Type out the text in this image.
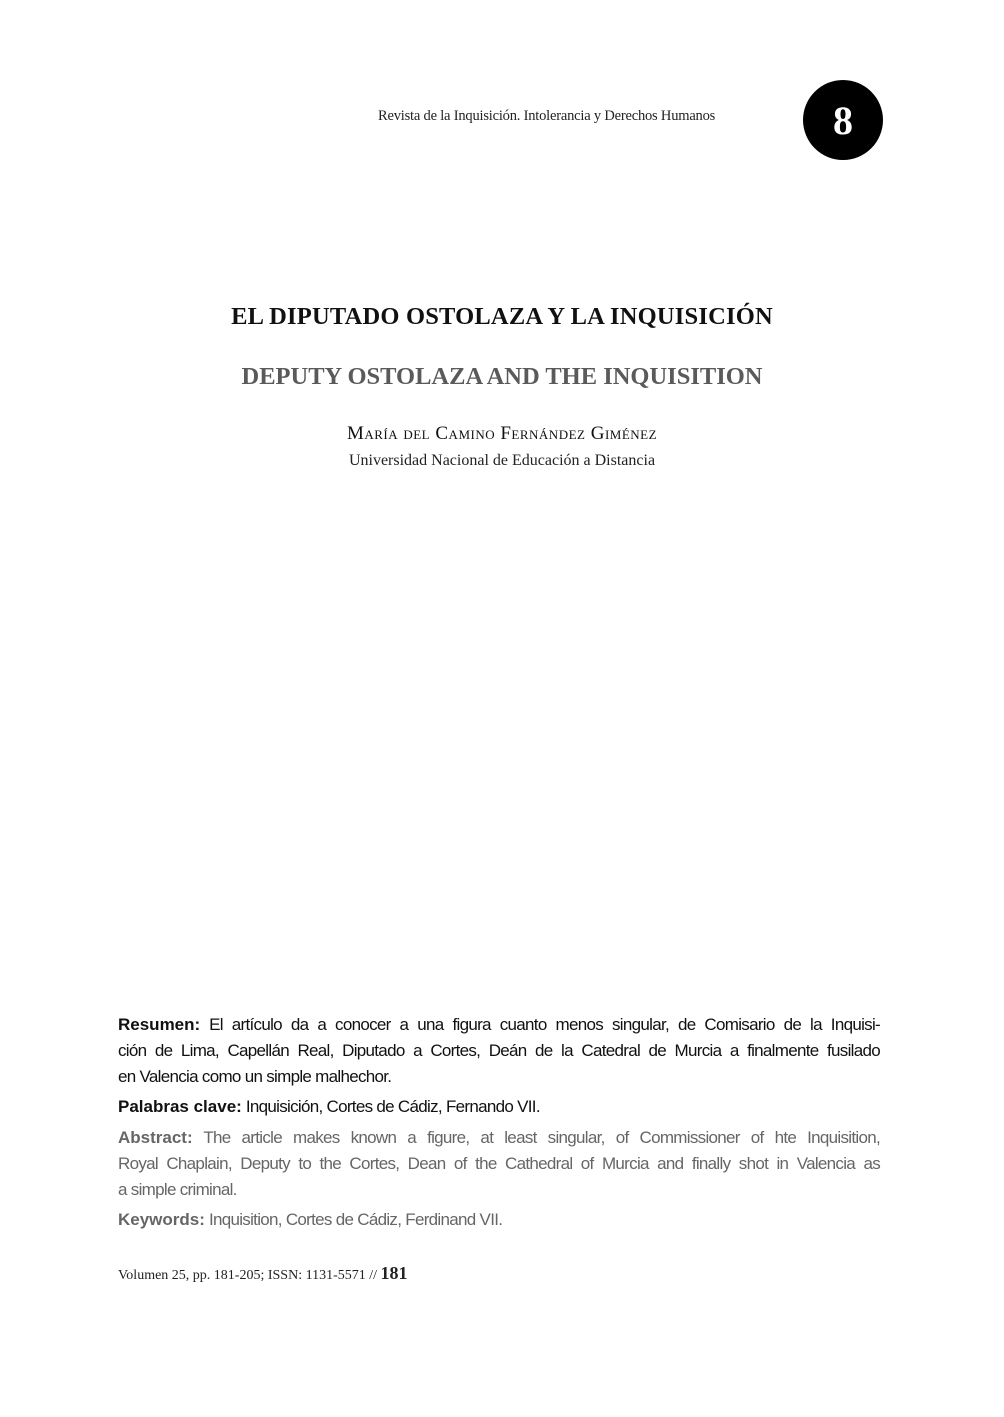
Revista de la Inquisición. Intolerancia y Derechos Humanos	8
EL DIPUTADO OSTOLAZA Y LA INQUISICIÓN
DEPUTY OSTOLAZA AND THE INQUISITION
María del Camino Fernández Giménez
Universidad Nacional de Educación a Distancia
Resumen: El artículo da a conocer a una figura cuanto menos singular, de Comisario de la Inquisi-
ción de Lima, Capellán Real, Diputado a Cortes, Deán de la Catedral de Murcia a finalmente fusilado
en Valencia como un simple malhechor.
Palabras clave: Inquisición, Cortes de Cádiz, Fernando VII.
Abstract: The article makes known a figure, at least singular, of Commissioner of hte Inquisition,
Royal Chaplain, Deputy to the Cortes, Dean of the Cathedral of Murcia and finally shot in Valencia as
a simple criminal.
Keywords: Inquisition, Cortes de Cádiz, Ferdinand VII.
Volumen 25, pp. 181-205; ISSN: 1131-5571 // 181
